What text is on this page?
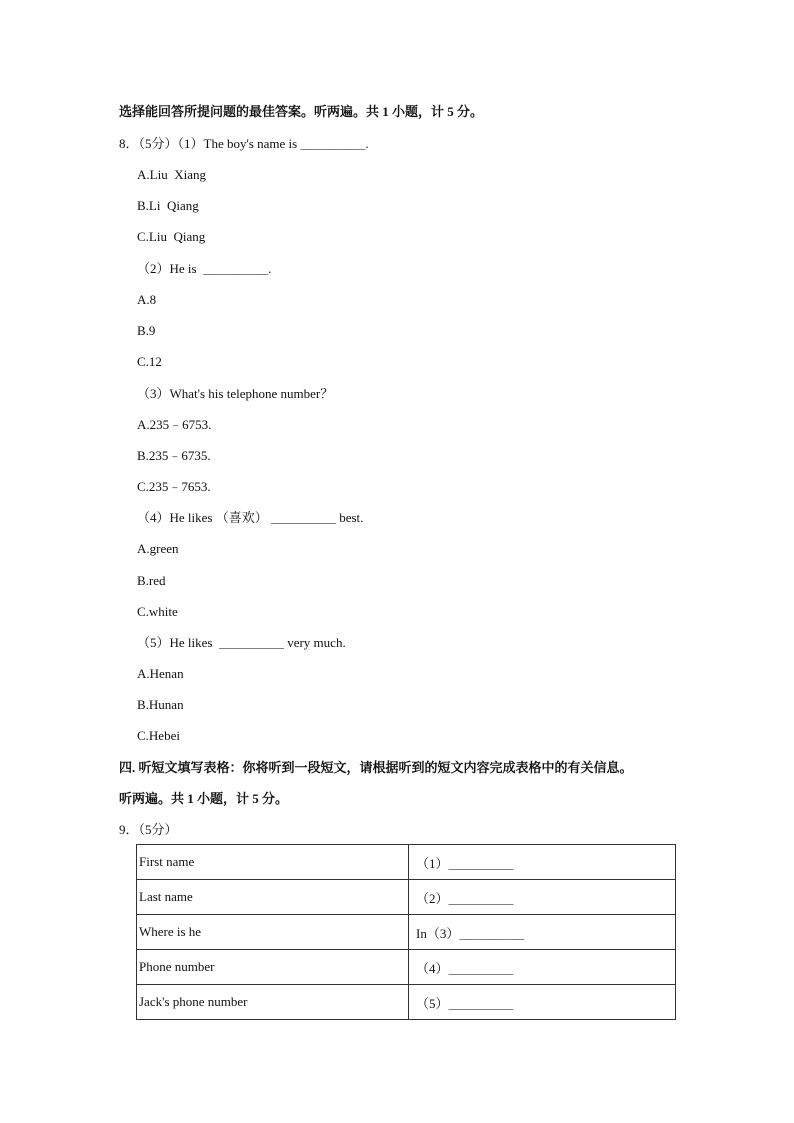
选择能回答所提问题的最佳答案。听两遍。共 1 小题，计 5 分。
8．（5分）（1）The boy's name is ＿＿＿＿＿.
A.Liu  Xiang
B.Li  Qiang
C.Liu  Qiang
（2）He is  ＿＿＿＿＿.
A.8
B.9
C.12
（3）What's his telephone number？
A.235﹣6753.
B.235﹣6735.
C.235﹣7653.
（4）He likes （喜欢） ＿＿＿＿＿ best.
A.green
B.red
C.white
（5）He likes  ＿＿＿＿＿ very much.
A.Henan
B.Hunan
C.Hebei
四. 听短文填写表格：你将听到一段短文，请根据听到的短文内容完成表格中的有关信息。
听两遍。共 1 小题，计 5 分。
9．（5分）
First name	（1）＿＿＿＿＿
Last name	（2）＿＿＿＿＿
Where is he	In（3）＿＿＿＿＿
Phone number	（4）＿＿＿＿＿
Jack's phone number	（5）＿＿＿＿＿
